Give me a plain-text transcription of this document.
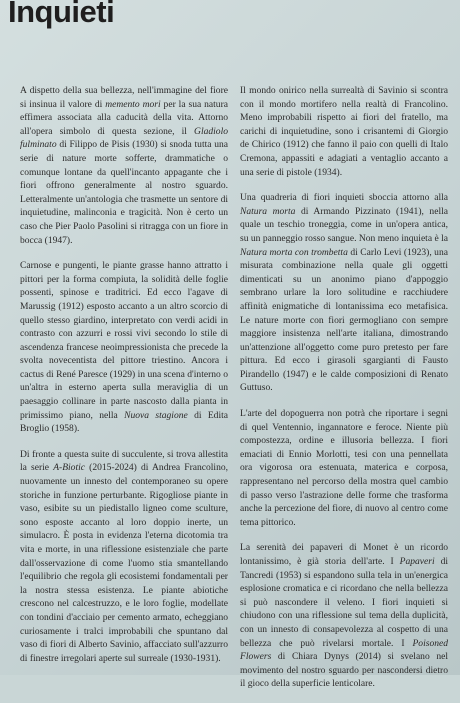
Inquieti

A dispetto della sua bellezza, nell'immagine del fiore si insinua il valore di memento mori per la sua natura effimera associata alla caducità della vita. Attorno all'opera simbolo di questa sezione, il Gladiolo fulminato di Filippo de Pisis (1930) si snoda tutta una serie di nature morte sofferte, drammatiche o comunque lontane da quell'incanto appagante che i fiori offrono generalmente al nostro sguardo. Letteralmente un'antologia che trasmette un sentore di inquietudine, malinconia e tragicità. Non è certo un caso che Pier Paolo Pasolini si ritragga con un fiore in bocca (1947).

Carnose e pungenti, le piante grasse hanno attratto i pittori per la forma compiuta, la solidità delle foglie possenti, spinose e traditrici. Ed ecco l'agave di Marussig (1912) esposto accanto a un altro scorcio di quello stesso giardino, interpretato con verdi acidi in contrasto con azzurri e rossi vivi secondo lo stile di ascendenza francese neoimpressionista che precede la svolta novecentista del pittore triestino. Ancora i cactus di René Paresce (1929) in una scena d'interno o un'altra in esterno aperta sulla meraviglia di un paesaggio collinare in parte nascosto dalla pianta in primissimo piano, nella Nuova stagione di Edita Broglio (1958).

Di fronte a questa suite di succulente, si trova allestita la serie A-Biotic (2015-2024) di Andrea Francolino, nuovamente un innesto del contemporaneo su opere storiche in funzione perturbante. Rigogliose piante in vaso, esibite su un piedistallo ligneo come sculture, sono esposte accanto al loro doppio inerte, un simulacro. È posta in evidenza l'eterna dicotomia tra vita e morte, in una riflessione esistenziale che parte dall'osservazione di come l'uomo stia smantellando l'equilibrio che regola gli ecosistemi fondamentali per la nostra stessa esistenza. Le piante abiotiche crescono nel calcestruzzo, e le loro foglie, modellate con tondini d'acciaio per cemento armato, echeggiano curiosamente i tralci improbabili che spuntano dal vaso di fiori di Alberto Savinio, affacciato sull'azzurro di finestre irregolari aperte sul surreale (1930-1931).

Il mondo onirico nella surrealtà di Savinio si scontra con il mondo mortifero nella realtà di Francolino. Meno improbabili rispetto ai fiori del fratello, ma carichi di inquietudine, sono i crisantemi di Giorgio de Chirico (1912) che fanno il paio con quelli di Italo Cremona, appassiti e adagiati a ventaglio accanto a una serie di pistole (1934).

Una quadreria di fiori inquieti sboccia attorno alla Natura morta di Armando Pizzinato (1941), nella quale un teschio troneggia, come in un'opera antica, su un panneggio rosso sangue. Non meno inquieta è la Natura morta con trombetta di Carlo Levi (1923), una misurata combinazione nella quale gli oggetti dimenticati su un anonimo piano d'appoggio sembrano urlare la loro solitudine e racchiudere affinità enigmatiche di lontanissima eco metafisica. Le nature morte con fiori germogliano con sempre maggiore insistenza nell'arte italiana, dimostrando un'attenzione all'oggetto come puro pretesto per fare pittura. Ed ecco i girasoli sgargianti di Fausto Pirandello (1947) e le calde composizioni di Renato Guttuso.

L'arte del dopoguerra non potrà che riportare i segni di quel Ventennio, ingannatore e feroce. Niente più compostezza, ordine e illusoria bellezza. I fiori emaciati di Ennio Morlotti, tesi con una pennellata ora vigorosa ora estenuata, materica e corposa, rappresentano nel percorso della mostra quel cambio di passo verso l'astrazione delle forme che trasforma anche la percezione del fiore, di nuovo al centro come tema pittorico.

La serenità dei papaveri di Monet è un ricordo lontanissimo, è già storia dell'arte. I Papaveri di Tancredi (1953) si espandono sulla tela in un'energica esplosione cromatica e ci ricordano che nella bellezza si può nascondere il veleno. I fiori inquieti si chiudono con una riflessione sul tema della duplicità, con un innesto di consapevolezza al cospetto di una bellezza che può rivelarsi mortale. I Poisoned Flowers di Chiara Dynys (2014) si svelano nel movimento del nostro sguardo per nascondersi dietro il gioco della superficie lenticolare.
